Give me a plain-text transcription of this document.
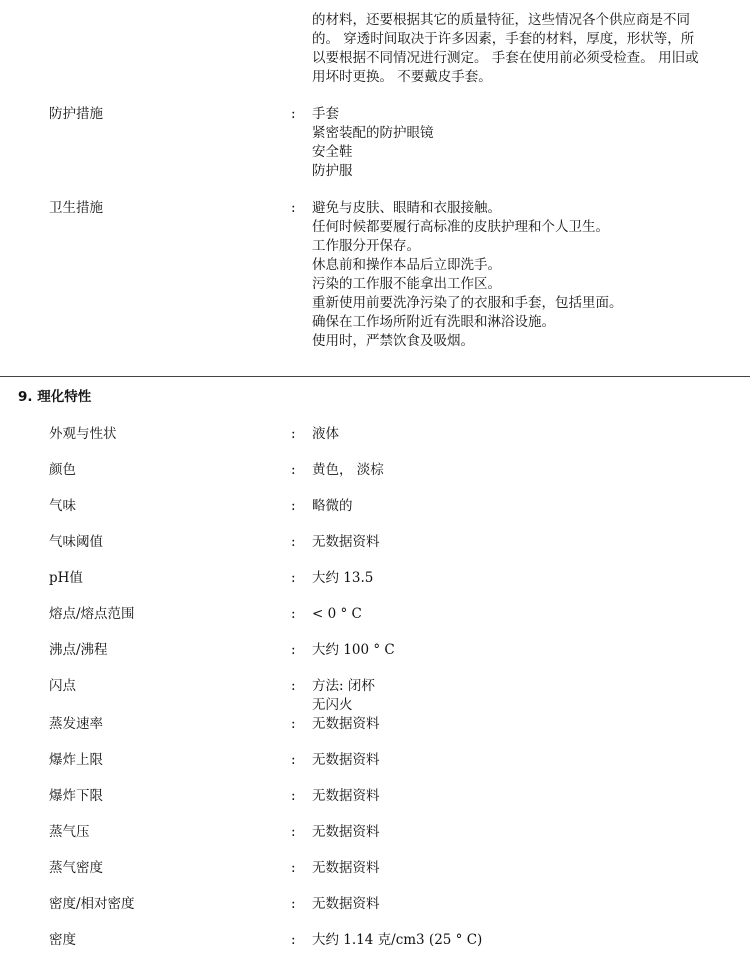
的材料，还要根据其它的质量特征，这些情况各个供应商是不同
的。 穿透时间取决于许多因素，手套的材料，厚度，形状等，所
以要根据不同情况进行测定。 手套在使用前必须受检查。 用旧或
用坏时更换。 不要戴皮手套。
防护措施	: 手套
紧密装配的防护眼镜
安全鞋
防护服
卫生措施	: 避免与皮肤、眼睛和衣服接触。
任何时候都要履行高标准的皮肤护理和个人卫生。
工作服分开保存。
休息前和操作本品后立即洗手。
污染的工作服不能拿出工作区。
重新使用前要洗净污染了的衣服和手套，包括里面。
确保在工作场所附近有洗眼和淋浴设施。
使用时，严禁饮食及吸烟。
9. 理化特性
外观与性状	: 液体
颜色	: 黄色， 淡棕
气味	: 略微的
气味阈值	: 无数据资料
pH值	: 大约 13.5
熔点/熔点范围	: < 0 ° C
沸点/沸程	: 大约 100 ° C
闪点	: 方法: 闭杯
无闪火
蒸发速率	: 无数据资料
爆炸上限	: 无数据资料
爆炸下限	: 无数据资料
蒸气压	: 无数据资料
蒸气密度	: 无数据资料
密度/相对密度	: 无数据资料
密度	: 大约 1.14 克/cm3 (25 ° C)
